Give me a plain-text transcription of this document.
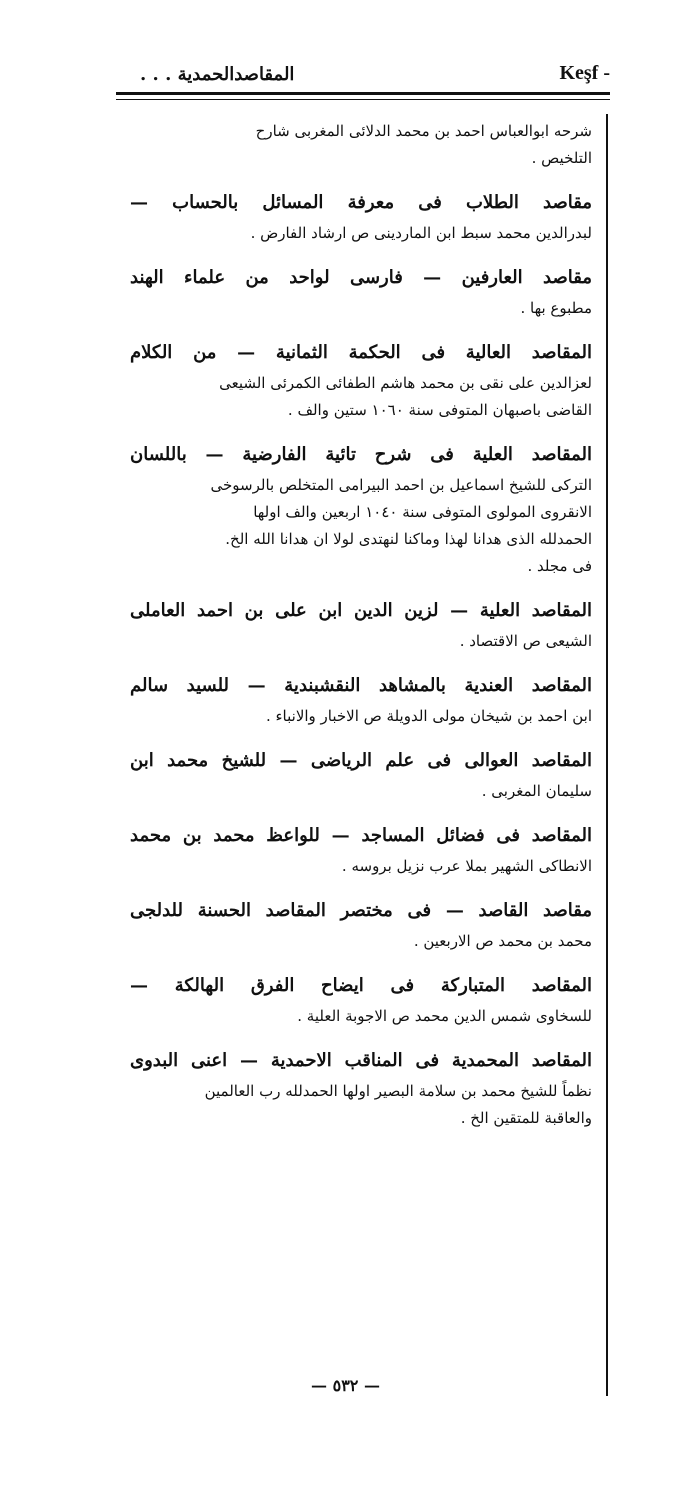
المقاصدالحمدية . . .	Keşf -

شرحه ابوالعباس احمد بن محمد الدلائى المغربى شارح

التلخيص .

مقاصد الطلاب فى معرفة المسائل بالحساب —

لبدرالدين محمد سبط ابن الماردينى ص ارشاد الفارض .

مقاصد العارفين — فارسى لواحد من علماء الهند

مطبوع بها .

المقاصد العالية فى الحكمة الثمانية — من الكلام

لعزالدين على نقى بن محمد هاشم الطفائى الكمرئى الشيعى

القاضى باصبهان المتوفى سنة ١٠٦٠ ستين والف .

المقاصد العلية فى شرح تائية الفارضية — باللسان

التركى للشيخ اسماعيل بن احمد البيرامى المتخلص بالرسوخى

الانقروى المولوى المتوفى سنة ١٠٤٠ اربعين والف اولها

الحمدلله الذى هدانا لهذا وماكنا لنهتدى لولا ان هدانا الله الخ.

فى مجلد .

المقاصد العلية — لزين الدين ابن على بن احمد العاملى

الشيعى ص الاقتصاد .

المقاصد العندية بالمشاهد النقشبندية — للسيد سالم

ابن احمد بن شيخان مولى الدويلة ص الاخبار والانباء .

المقاصد العوالى فى علم الرياضى — للشيخ محمد ابن

سليمان المغربى .

المقاصد فى فضائل المساجد — للواعظ محمد بن محمد

الانطاكى الشهير بملا عرب نزيل بروسه .

مقاصد القاصد — فى مختصر المقاصد الحسنة للدلجى

محمد بن محمد ص الاربعين .

المقاصد المتباركة فى ايضاح الفرق الهالكة —

للسخاوى شمس الدين محمد ص الاجوبة العلية .

المقاصد المحمدية فى المناقب الاحمدية — اعنى البدوى

نظماً للشيخ محمد بن سلامة البصير اولها الحمدلله رب العالمين

والعاقبة للمتقين الخ .

— ٥٣٢ —
